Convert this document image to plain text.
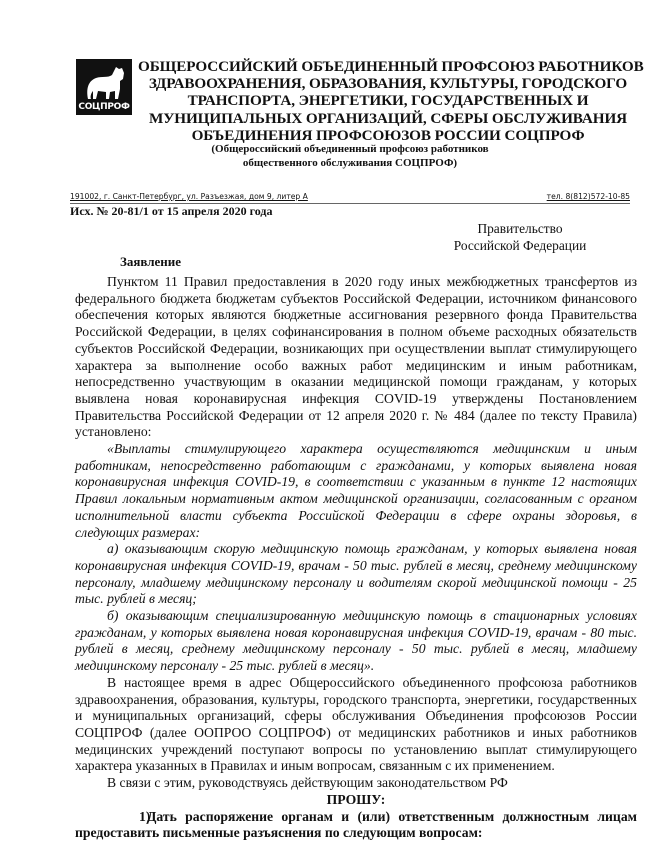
СОЦПРОФ
ОБЩЕРОССИЙСКИЙ ОБЪЕДИНЕННЫЙ ПРОФСОЮЗ РАБОТНИКОВ
ЗДРАВООХРАНЕНИЯ, ОБРАЗОВАНИЯ, КУЛЬТУРЫ, ГОРОДСКОГО
ТРАНСПОРТА, ЭНЕРГЕТИКИ, ГОСУДАРСТВЕННЫХ И
МУНИЦИПАЛЬНЫХ ОРГАНИЗАЦИЙ, СФЕРЫ ОБСЛУЖИВАНИЯ
ОБЪЕДИНЕНИЯ ПРОФСОЮЗОВ РОССИИ СОЦПРОФ
(Общероссийский объединенный профсоюз работников
общественного обслуживания СОЦПРОФ)
191002, г. Санкт-Петербург, ул. Разъезжая, дом 9, литер А	тел. 8(812)572-10-85
Исх. № 20-81/1 от 15 апреля 2020 года
Правительство
Российской Федерации
Заявление

Пунктом 11 Правил предоставления в 2020 году иных межбюджетных трансфертов из федерального бюджета бюджетам субъектов Российской Федерации, источником финансового обеспечения которых являются бюджетные ассигнования резервного фонда Правительства Российской Федерации, в целях софинансирования в полном объеме расходных обязательств субъектов Российской Федерации, возникающих при осуществлении выплат стимулирующего характера за выполнение особо важных работ медицинским и иным работникам, непосредственно участвующим в оказании медицинской помощи гражданам, у которых выявлена новая коронавирусная инфекция COVID-19 утверждены Постановлением Правительства Российской Федерации от 12 апреля 2020 г. № 484 (далее по тексту Правила) установлено:

«Выплаты стимулирующего характера осуществляются медицинским и иным работникам, непосредственно работающим с гражданами, у которых выявлена новая коронавирусная инфекция COVID-19, в соответствии с указанным в пункте 12 настоящих Правил локальным нормативным актом медицинской организации, согласованным с органом исполнительной власти субъекта Российской Федерации в сфере охраны здоровья, в следующих размерах:

а) оказывающим скорую медицинскую помощь гражданам, у которых выявлена новая коронавирусная инфекция COVID-19, врачам - 50 тыс. рублей в месяц, среднему медицинскому персоналу, младшему медицинскому персоналу и водителям скорой медицинской помощи - 25 тыс. рублей в месяц;

б) оказывающим специализированную медицинскую помощь в стационарных условиях гражданам, у которых выявлена новая коронавирусная инфекция COVID-19, врачам - 80 тыс. рублей в месяц, среднему медицинскому персоналу - 50 тыс. рублей в месяц, младшему медицинскому персоналу - 25 тыс. рублей в месяц».

В настоящее время в адрес Общероссийского объединенного профсоюза работников здравоохранения, образования, культуры, городского транспорта, энергетики, государственных и муниципальных организаций, сферы обслуживания Объединения профсоюзов России СОЦПРОФ (далее ООПРОО СОЦПРОФ) от медицинских работников и иных работников медицинских учреждений поступают вопросы по установлению выплат стимулирующего характера указанных в Правилах и иным вопросам, связанным с их применением.

В связи с этим, руководствуясь действующим законодательством РФ

ПРОШУ:

1)Дать распоряжение органам и (или) ответственным должностным лицам предоставить письменные разъяснения по следующим вопросам:
